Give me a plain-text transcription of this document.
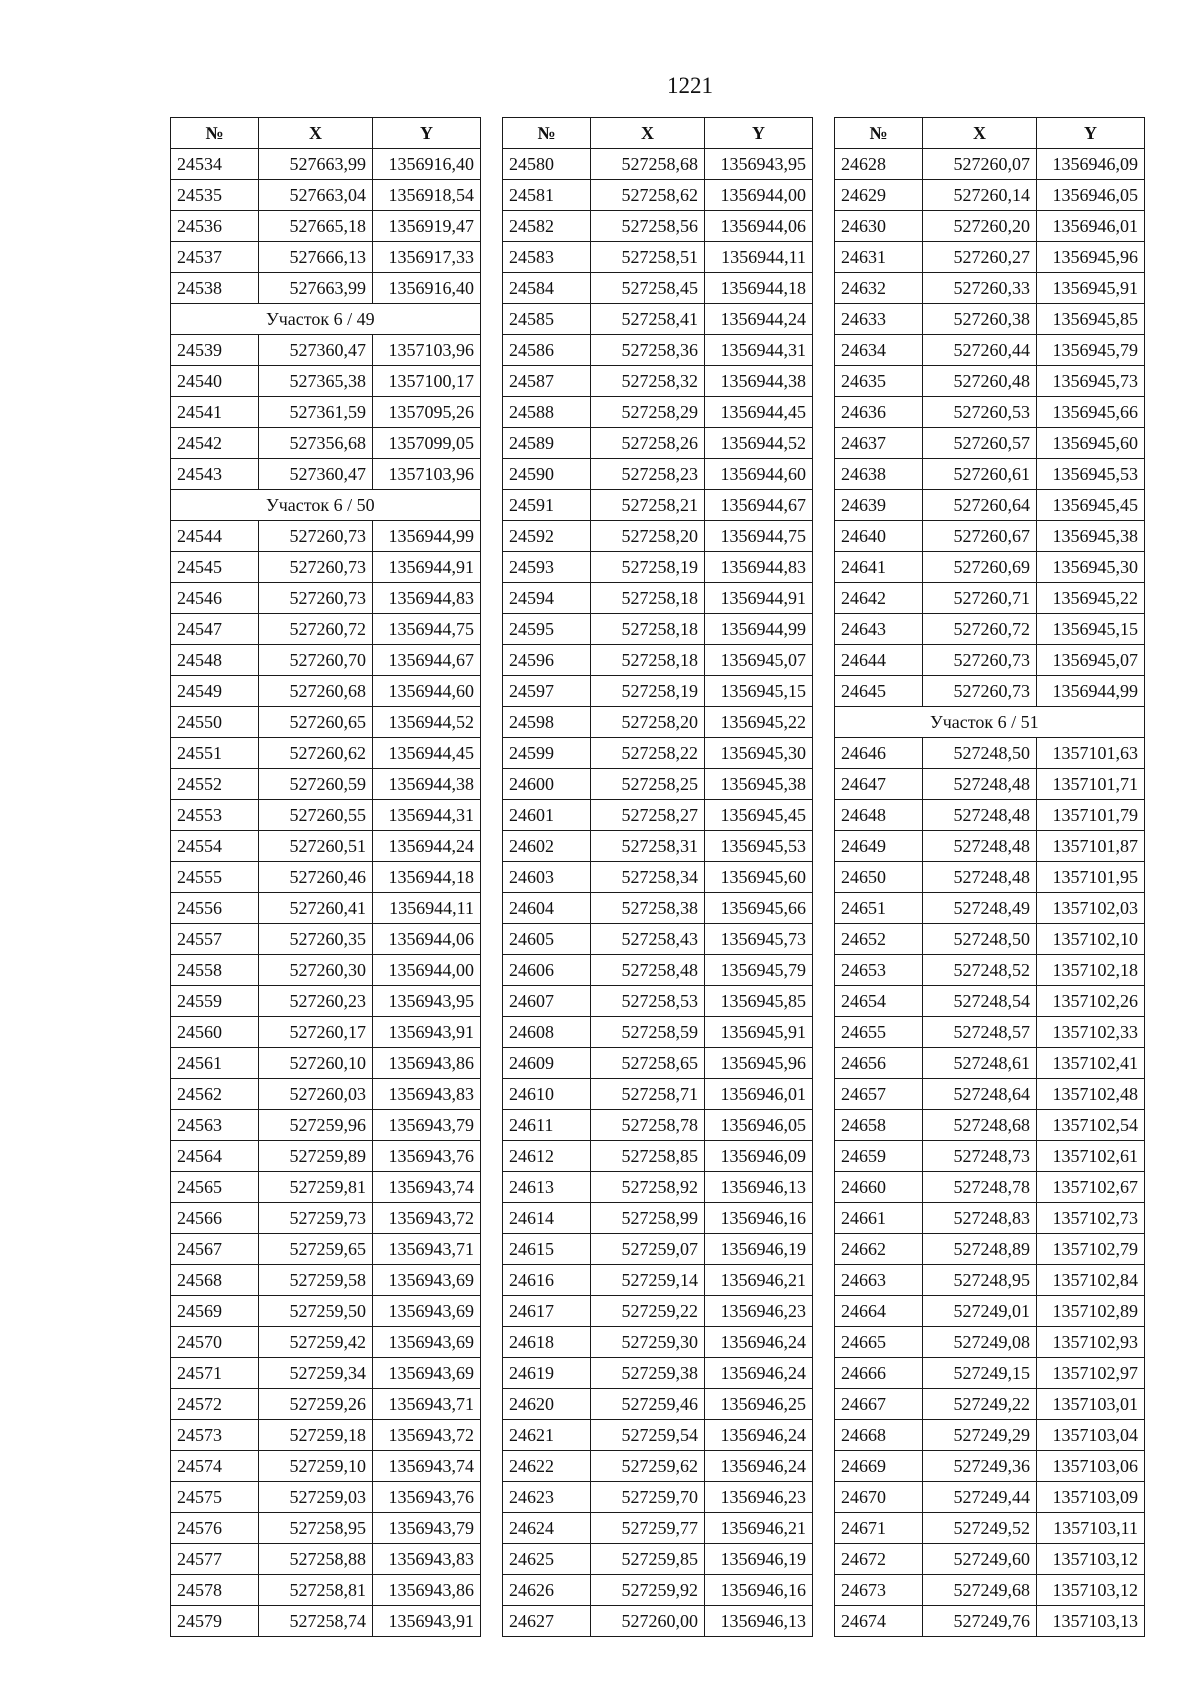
1221
№	X	Y
24534	527663,99	1356916,40
24535	527663,04	1356918,54
24536	527665,18	1356919,47
24537	527666,13	1356917,33
24538	527663,99	1356916,40
Участок 6 / 49		
24539	527360,47	1357103,96
24540	527365,38	1357100,17
24541	527361,59	1357095,26
24542	527356,68	1357099,05
24543	527360,47	1357103,96
Участок 6 / 50		
24544	527260,73	1356944,99
24545	527260,73	1356944,91
24546	527260,73	1356944,83
24547	527260,72	1356944,75
24548	527260,70	1356944,67
24549	527260,68	1356944,60
24550	527260,65	1356944,52
24551	527260,62	1356944,45
24552	527260,59	1356944,38
24553	527260,55	1356944,31
24554	527260,51	1356944,24
24555	527260,46	1356944,18
24556	527260,41	1356944,11
24557	527260,35	1356944,06
24558	527260,30	1356944,00
24559	527260,23	1356943,95
24560	527260,17	1356943,91
24561	527260,10	1356943,86
24562	527260,03	1356943,83
24563	527259,96	1356943,79
24564	527259,89	1356943,76
24565	527259,81	1356943,74
24566	527259,73	1356943,72
24567	527259,65	1356943,71
24568	527259,58	1356943,69
24569	527259,50	1356943,69
24570	527259,42	1356943,69
24571	527259,34	1356943,69
24572	527259,26	1356943,71
24573	527259,18	1356943,72
24574	527259,10	1356943,74
24575	527259,03	1356943,76
24576	527258,95	1356943,79
24577	527258,88	1356943,83
24578	527258,81	1356943,86
24579	527258,74	1356943,91
№	X	Y
24580	527258,68	1356943,95
24581	527258,62	1356944,00
24582	527258,56	1356944,06
24583	527258,51	1356944,11
24584	527258,45	1356944,18
24585	527258,41	1356944,24
24586	527258,36	1356944,31
24587	527258,32	1356944,38
24588	527258,29	1356944,45
24589	527258,26	1356944,52
24590	527258,23	1356944,60
24591	527258,21	1356944,67
24592	527258,20	1356944,75
24593	527258,19	1356944,83
24594	527258,18	1356944,91
24595	527258,18	1356944,99
24596	527258,18	1356945,07
24597	527258,19	1356945,15
24598	527258,20	1356945,22
24599	527258,22	1356945,30
24600	527258,25	1356945,38
24601	527258,27	1356945,45
24602	527258,31	1356945,53
24603	527258,34	1356945,60
24604	527258,38	1356945,66
24605	527258,43	1356945,73
24606	527258,48	1356945,79
24607	527258,53	1356945,85
24608	527258,59	1356945,91
24609	527258,65	1356945,96
24610	527258,71	1356946,01
24611	527258,78	1356946,05
24612	527258,85	1356946,09
24613	527258,92	1356946,13
24614	527258,99	1356946,16
24615	527259,07	1356946,19
24616	527259,14	1356946,21
24617	527259,22	1356946,23
24618	527259,30	1356946,24
24619	527259,38	1356946,24
24620	527259,46	1356946,25
24621	527259,54	1356946,24
24622	527259,62	1356946,24
24623	527259,70	1356946,23
24624	527259,77	1356946,21
24625	527259,85	1356946,19
24626	527259,92	1356946,16
24627	527260,00	1356946,13
№	X	Y
24628	527260,07	1356946,09
24629	527260,14	1356946,05
24630	527260,20	1356946,01
24631	527260,27	1356945,96
24632	527260,33	1356945,91
24633	527260,38	1356945,85
24634	527260,44	1356945,79
24635	527260,48	1356945,73
24636	527260,53	1356945,66
24637	527260,57	1356945,60
24638	527260,61	1356945,53
24639	527260,64	1356945,45
24640	527260,67	1356945,38
24641	527260,69	1356945,30
24642	527260,71	1356945,22
24643	527260,72	1356945,15
24644	527260,73	1356945,07
24645	527260,73	1356944,99
Участок 6 / 51		
24646	527248,50	1357101,63
24647	527248,48	1357101,71
24648	527248,48	1357101,79
24649	527248,48	1357101,87
24650	527248,48	1357101,95
24651	527248,49	1357102,03
24652	527248,50	1357102,10
24653	527248,52	1357102,18
24654	527248,54	1357102,26
24655	527248,57	1357102,33
24656	527248,61	1357102,41
24657	527248,64	1357102,48
24658	527248,68	1357102,54
24659	527248,73	1357102,61
24660	527248,78	1357102,67
24661	527248,83	1357102,73
24662	527248,89	1357102,79
24663	527248,95	1357102,84
24664	527249,01	1357102,89
24665	527249,08	1357102,93
24666	527249,15	1357102,97
24667	527249,22	1357103,01
24668	527249,29	1357103,04
24669	527249,36	1357103,06
24670	527249,44	1357103,09
24671	527249,52	1357103,11
24672	527249,60	1357103,12
24673	527249,68	1357103,12
24674	527249,76	1357103,13
